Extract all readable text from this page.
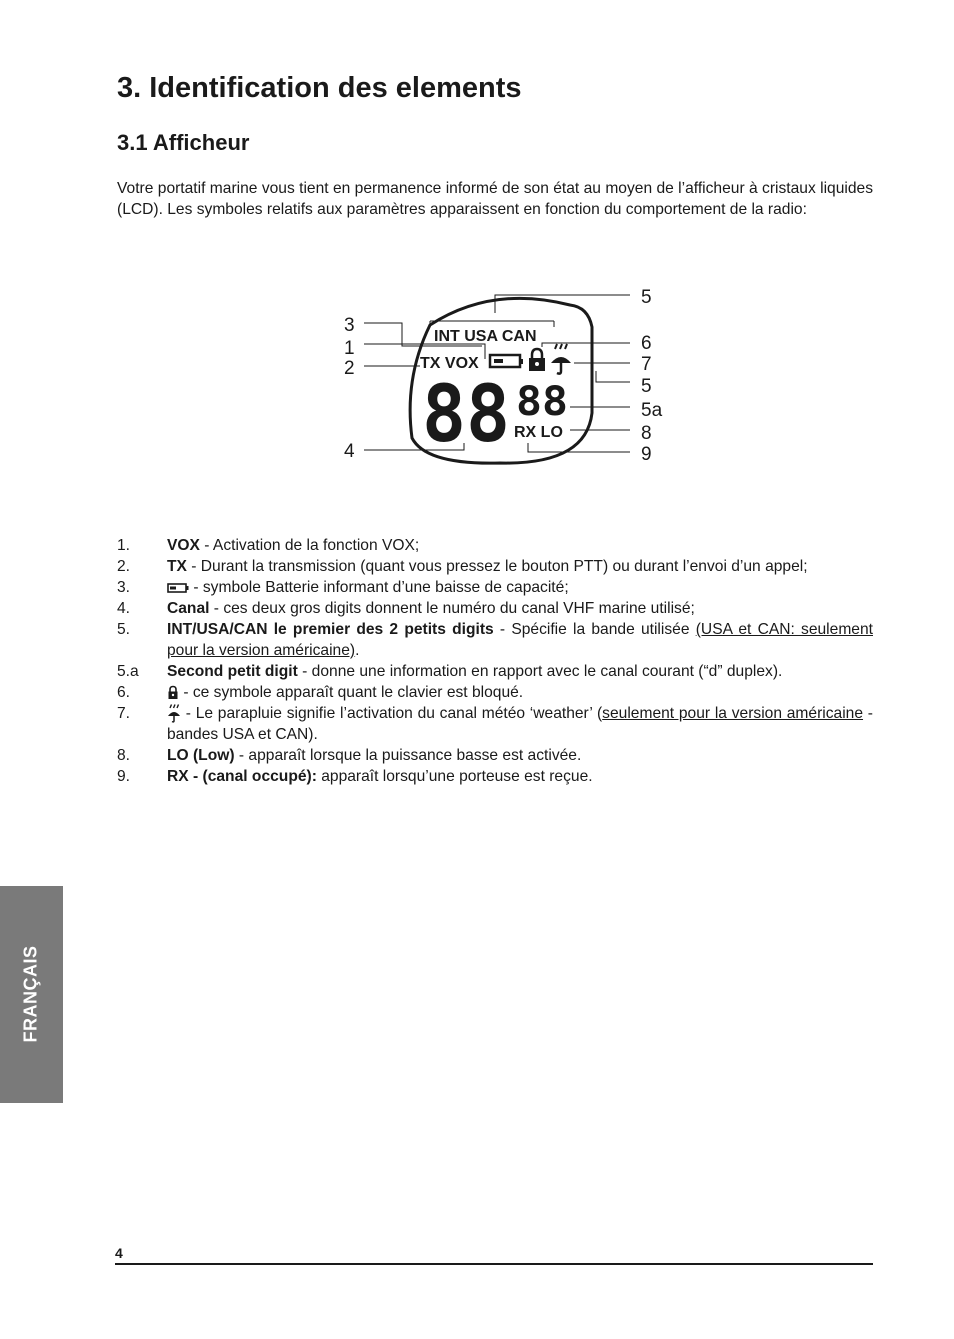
3. Identification des elements
3.1 Afficheur

Votre portatif marine vous tient en permanence informé de son état au moyen de l’afficheur à cristaux liquides (LCD). Les symboles relatifs aux paramètres apparaissent en fonction du comportement de la radio:

INT USA CAN
TX VOX
88 88
RX LO
3
1
2
4
5
6
7
5
5a
8
9
1. VOX - Activation de la fonction VOX;
2. TX - Durant la transmission (quant vous pressez le bouton PTT) ou durant l’envoi d’un appel;
3.	- symbole Batterie informant d’une baisse de capacité;
4. Canal - ces deux gros digits donnent le numéro du canal VHF marine utilisé;
5. INT/USA/CAN le premier des 2 petits digits - Spécifie la bande utilisée (USA et CAN: seulement pour la version américaine).
5.a Second petit digit - donne une information en rapport avec le canal courant (“d” duplex).
6.	- ce symbole apparaît quant le clavier est bloqué.
7.	- Le parapluie signifie l’activation du canal météo ‘weather’ (seulement pour la version américaine - bandes USA et CAN).
8. LO (Low) - apparaît lorsque la puissance basse est activée.
9. RX - (canal occupé): apparaît lorsqu’une porteuse est reçue.
FRANÇAIS
4
